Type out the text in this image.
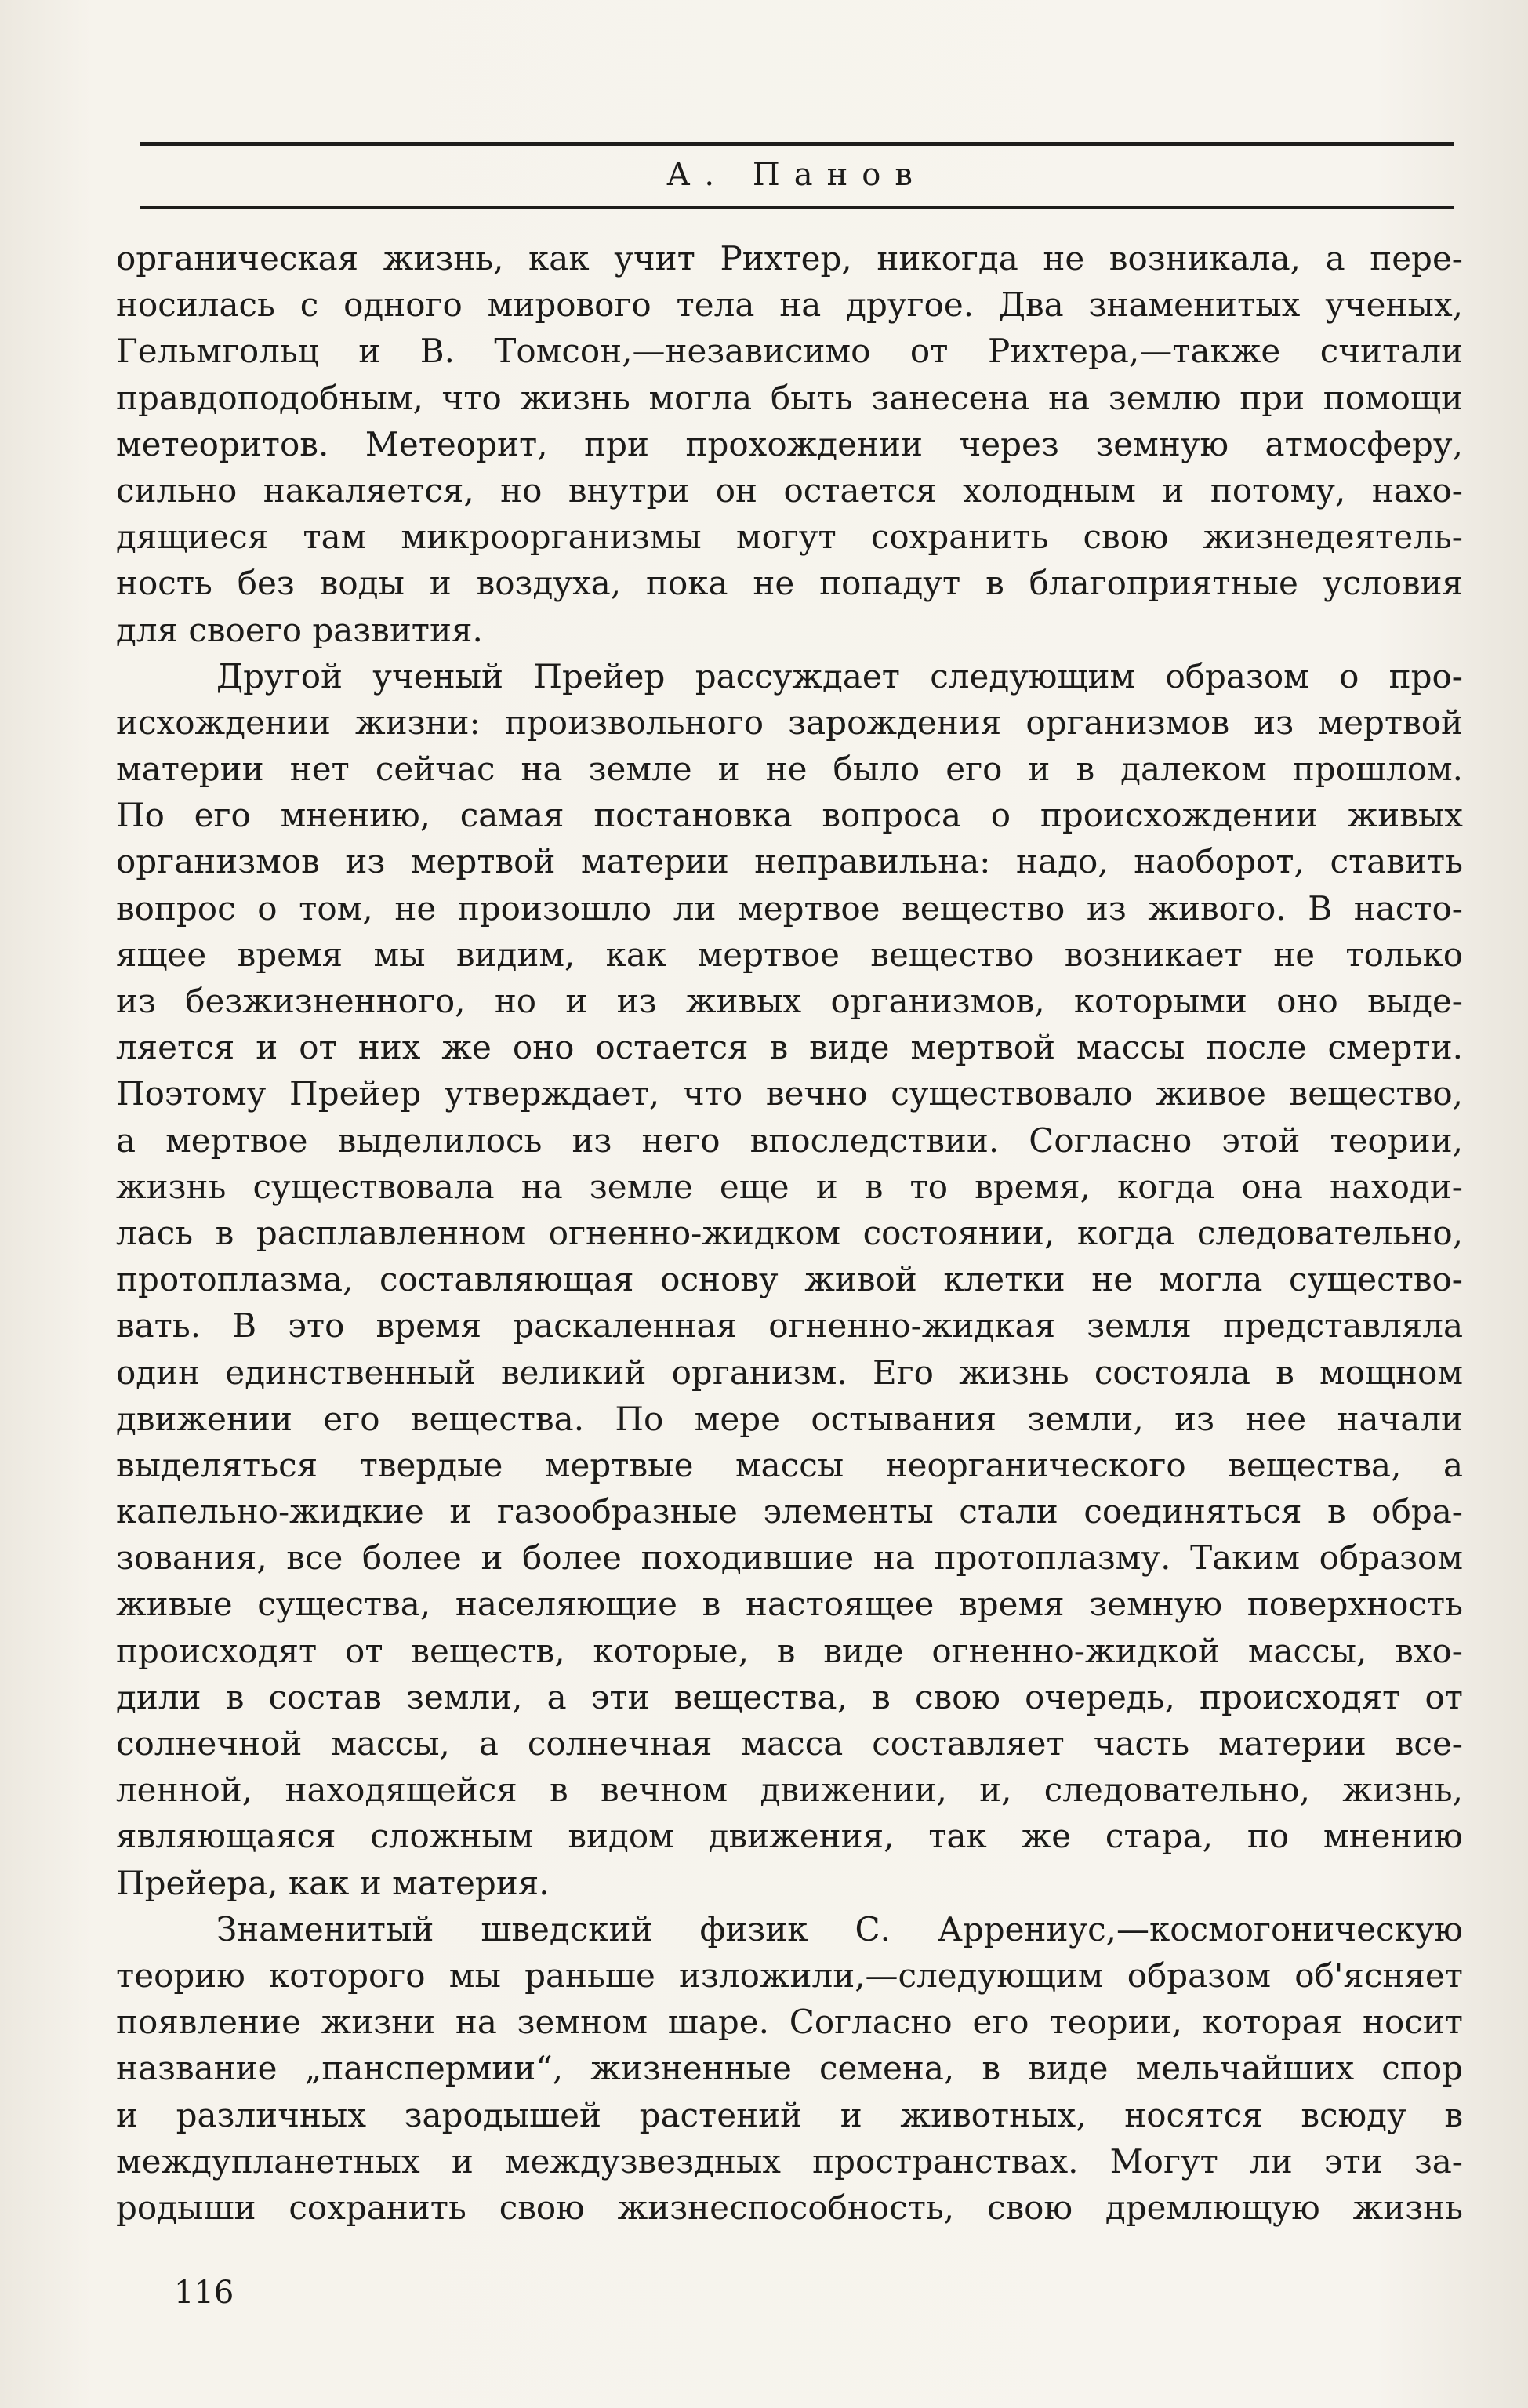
А. Панов
органическая жизнь, как учит Рихтер, никогда не возникала, а пере-
носилась с одного мирового тела на другое. Два знаменитых ученых,
Гельмгольц и В. Томсон,—независимо от Рихтера,—также считали
правдоподобным, что жизнь могла быть занесена на землю при помощи
метеоритов. Метеорит, при прохождении через земную атмосферу,
сильно накаляется, но внутри он остается холодным и потому, нахо-
дящиеся там микроорганизмы могут сохранить свою жизнедеятель-
ность без воды и воздуха, пока не попадут в благоприятные условия
для своего развития.
Другой ученый Прейер рассуждает следующим образом о про-
исхождении жизни: произвольного зарождения организмов из мертвой
материи нет сейчас на земле и не было его и в далеком прошлом.
По его мнению, самая постановка вопроса о происхождении живых
организмов из мертвой материи неправильна: надо, наоборот, ставить
вопрос о том, не произошло ли мертвое вещество из живого. В насто-
ящее время мы видим, как мертвое вещество возникает не только
из безжизненного, но и из живых организмов, которыми оно выде-
ляется и от них же оно остается в виде мертвой массы после смерти.
Поэтому Прейер утверждает, что вечно существовало живое вещество,
а мертвое выделилось из него впоследствии. Согласно этой теории,
жизнь существовала на земле еще и в то время, когда она находи-
лась в расплавленном огненно-жидком состоянии, когда следовательно,
протоплазма, составляющая основу живой клетки не могла существо-
вать. В это время раскаленная огненно-жидкая земля представляла
один единственный великий организм. Его жизнь состояла в мощном
движении его вещества. По мере остывания земли, из нее начали
выделяться твердые мертвые массы неорганического вещества, а
капельно-жидкие и газообразные элементы стали соединяться в обра-
зования, все более и более походившие на протоплазму. Таким образом
живые существа, населяющие в настоящее время земную поверхность
происходят от веществ, которые, в виде огненно-жидкой массы, вхо-
дили в состав земли, а эти вещества, в свою очередь, происходят от
солнечной массы, а солнечная масса составляет часть материи все-
ленной, находящейся в вечном движении, и, следовательно, жизнь,
являющаяся сложным видом движения, так же стара, по мнению
Прейера, как и материя.
Знаменитый шведский физик С. Аррениус,—космогоническую
теорию которого мы раньше изложили,—следующим образом об'ясняет
появление жизни на земном шаре. Согласно его теории, которая носит
название „панспермии“, жизненные семена, в виде мельчайших спор
и различных зародышей растений и животных, носятся всюду в
междупланетных и междузвездных пространствах. Могут ли эти за-
родыши сохранить свою жизнеспособность, свою дремлющую жизнь
116
